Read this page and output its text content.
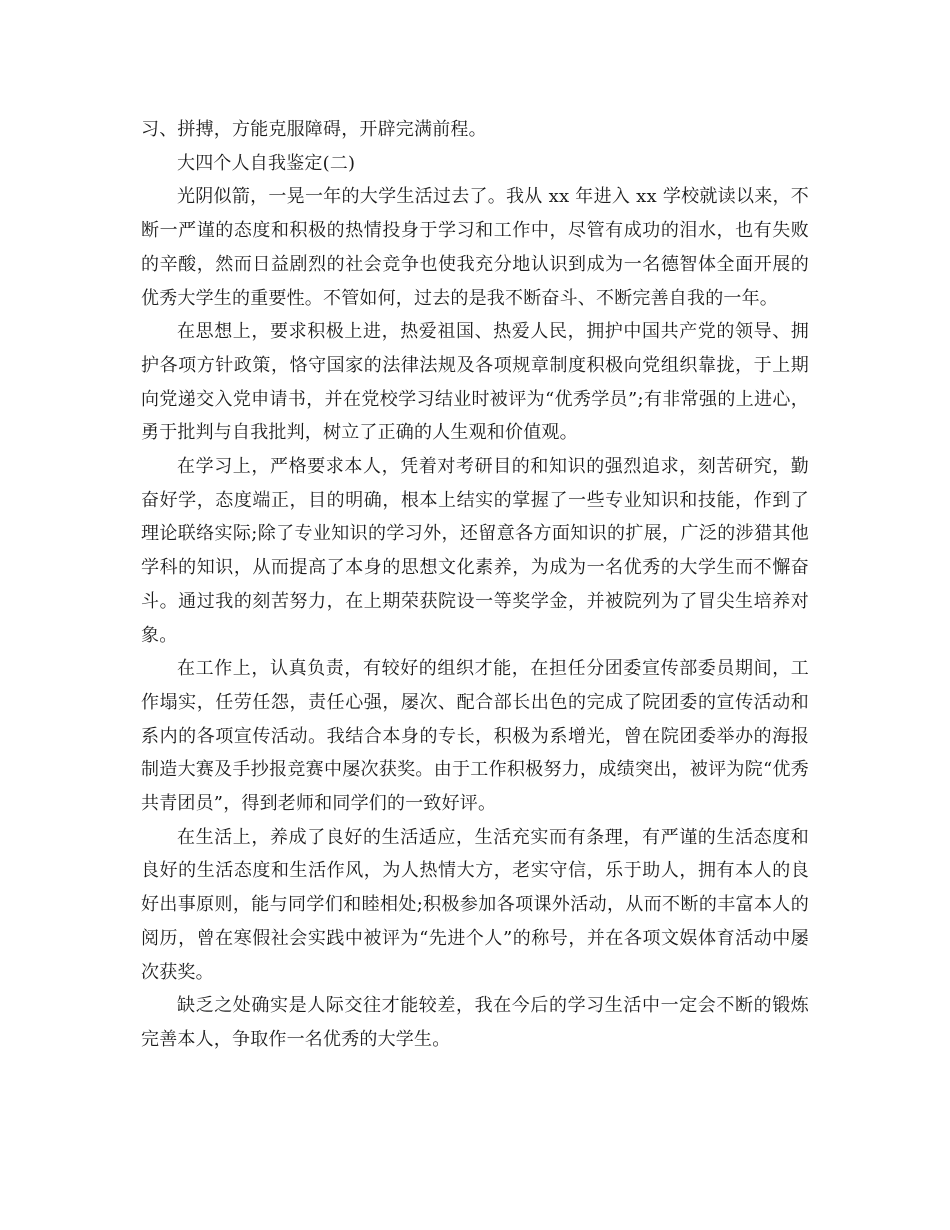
习、拼搏，方能克服障碍，开辟完满前程。

大四个人自我鉴定(二)

光阴似箭，一晃一年的大学生活过去了。我从 xx 年进入 xx 学校就读以来，不断一严谨的态度和积极的热情投身于学习和工作中，尽管有成功的泪水，也有失败的辛酸，然而日益剧烈的社会竞争也使我充分地认识到成为一名德智体全面开展的优秀大学生的重要性。不管如何，过去的是我不断奋斗、不断完善自我的一年。

在思想上，要求积极上进，热爱祖国、热爱人民，拥护中国共产党的领导、拥护各项方针政策，恪守国家的法律法规及各项规章制度积极向党组织靠拢，于上期向党递交入党申请书，并在党校学习结业时被评为“优秀学员”;有非常强的上进心，勇于批判与自我批判，树立了正确的人生观和价值观。

在学习上，严格要求本人，凭着对考研目的和知识的强烈追求，刻苦研究，勤奋好学，态度端正，目的明确，根本上结实的掌握了一些专业知识和技能，作到了理论联络实际;除了专业知识的学习外，还留意各方面知识的扩展，广泛的涉猎其他学科的知识，从而提高了本身的思想文化素养，为成为一名优秀的大学生而不懈奋斗。通过我的刻苦努力，在上期荣获院设一等奖学金，并被院列为了冒尖生培养对象。

在工作上，认真负责，有较好的组织才能，在担任分团委宣传部委员期间，工作塌实，任劳任怨，责任心强，屡次、配合部长出色的完成了院团委的宣传活动和系内的各项宣传活动。我结合本身的专长，积极为系增光，曾在院团委举办的海报制造大赛及手抄报竞赛中屡次获奖。由于工作积极努力，成绩突出，被评为院“优秀共青团员”，得到老师和同学们的一致好评。

在生活上，养成了良好的生活适应，生活充实而有条理，有严谨的生活态度和良好的生活态度和生活作风，为人热情大方，老实守信，乐于助人，拥有本人的良好出事原则，能与同学们和睦相处;积极参加各项课外活动，从而不断的丰富本人的阅历，曾在寒假社会实践中被评为“先进个人”的称号，并在各项文娱体育活动中屡次获奖。

缺乏之处确实是人际交往才能较差，我在今后的学习生活中一定会不断的锻炼完善本人，争取作一名优秀的大学生。
